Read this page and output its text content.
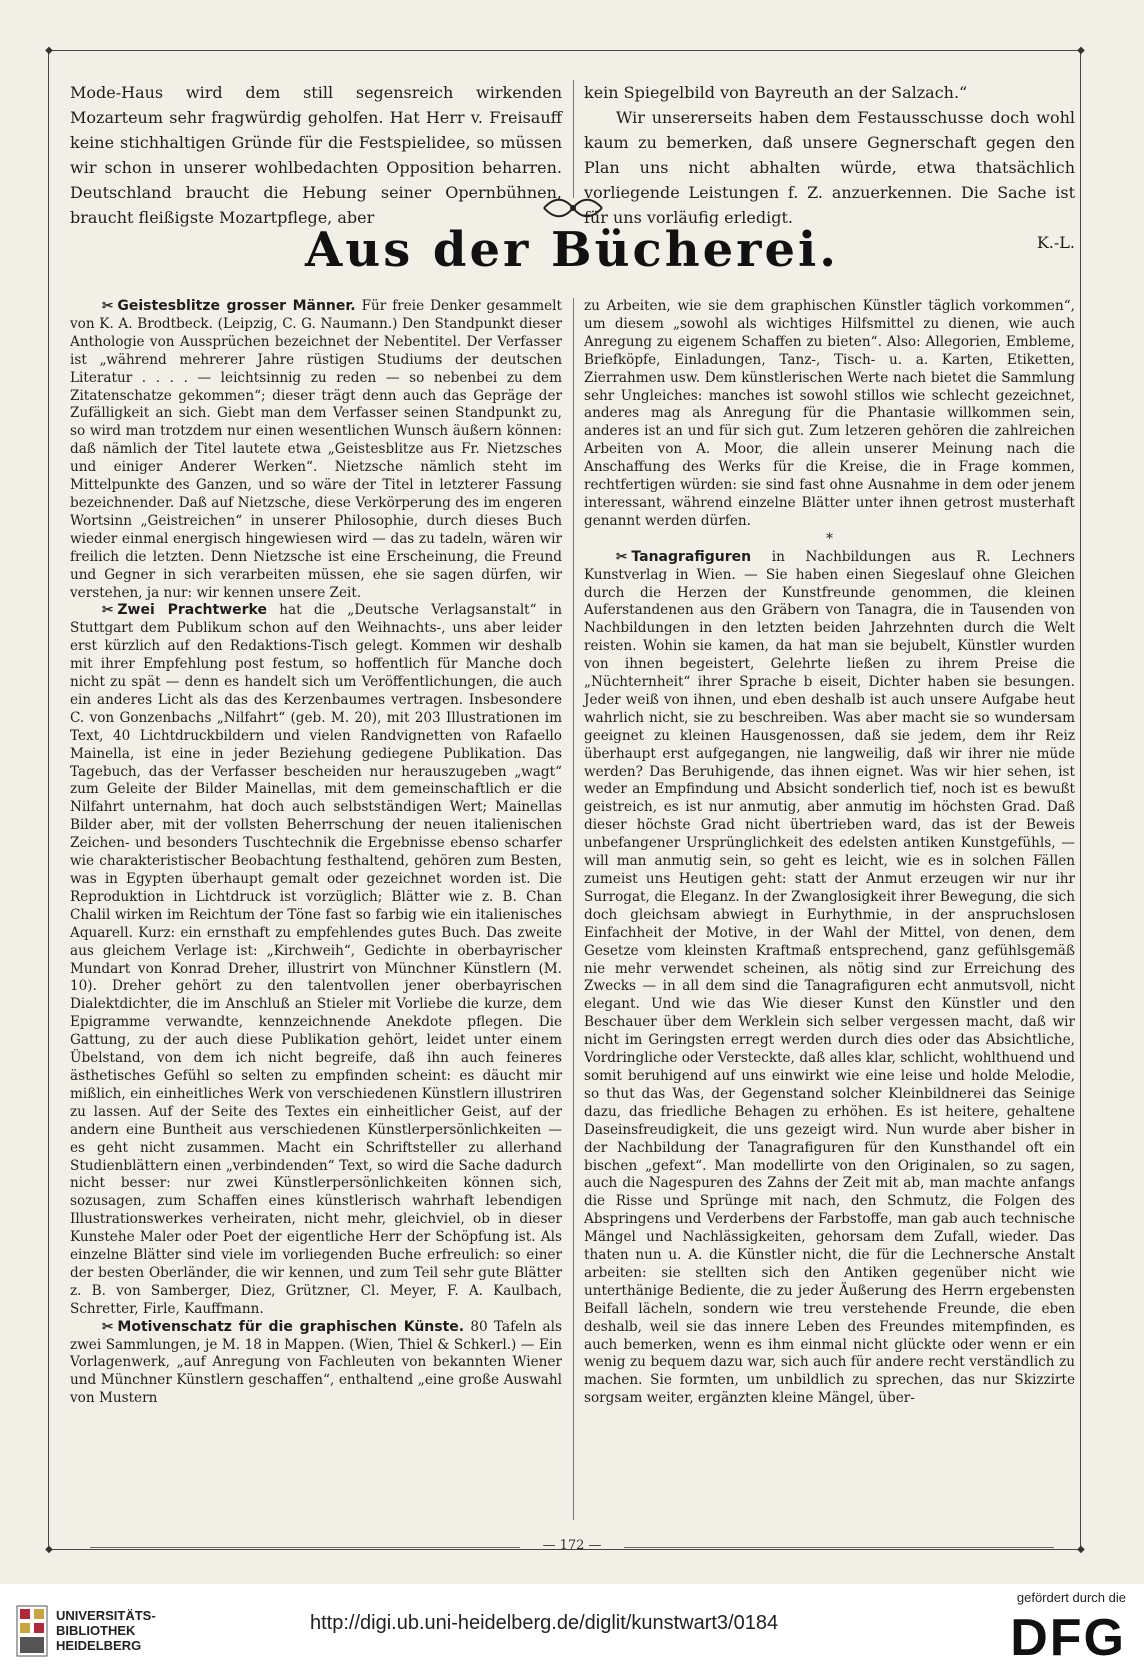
◆	◆
◆	◆

Mode-Haus wird dem still segensreich wirkenden Mozarteum sehr fragwürdig geholfen. Hat Herr v. Freisauff keine stichhaltigen Gründe für die Festspielidee, so müssen wir schon in unserer wohlbedachten Opposition beharren. Deutschland braucht die Hebung seiner Opernbühnen, braucht fleißigste Mozartpflege, aber

kein Spiegelbild von Bayreuth an der Salzach.“

Wir unsererseits haben dem Festausschusse doch wohl kaum zu bemerken, daß unsere Gegnerschaft gegen den Plan uns nicht abhalten würde, etwa thatsächlich vorliegende Leistungen f. Z. anzuerkennen. Die Sache ist für uns vorläufig erledigt.

K.-L.

Aus der Bücherei.

✂ Geistesblitze grosser Männer. Für freie Denker gesammelt von K. A. Brodtbeck. (Leipzig, C. G. Naumann.) Den Standpunkt dieser Anthologie von Aussprüchen bezeichnet der Nebentitel. Der Verfasser ist „während mehrerer Jahre rüstigen Studiums der deutschen Literatur . . . . — leichtsinnig zu reden — so nebenbei zu dem Zitatenschatze gekommen“; dieser trägt denn auch das Gepräge der Zufälligkeit an sich. Giebt man dem Verfasser seinen Standpunkt zu, so wird man trotzdem nur einen wesentlichen Wunsch äußern können: daß nämlich der Titel lautete etwa „Geistesblitze aus Fr. Nietzsches und einiger Anderer Werken“. Nietzsche nämlich steht im Mittelpunkte des Ganzen, und so wäre der Titel in letzterer Fassung bezeichnender. Daß auf Nietzsche, diese Verkörperung des im engeren Wortsinn „Geistreichen“ in unserer Philosophie, durch dieses Buch wieder einmal energisch hingewiesen wird — das zu tadeln, wären wir freilich die letzten. Denn Nietzsche ist eine Erscheinung, die Freund und Gegner in sich verarbeiten müssen, ehe sie sagen dürfen, wir verstehen, ja nur: wir kennen unsere Zeit.

✂ Zwei Prachtwerke hat die „Deutsche Verlagsanstalt“ in Stuttgart dem Publikum schon auf den Weihnachts-, uns aber leider erst kürzlich auf den Redaktions-Tisch gelegt. Kommen wir deshalb mit ihrer Empfehlung post festum, so hoffentlich für Manche doch nicht zu spät — denn es handelt sich um Veröffentlichungen, die auch ein anderes Licht als das des Kerzenbaumes vertragen. Insbesondere C. von Gonzenbachs „Nilfahrt“ (geb. M. 20), mit 203 Illustrationen im Text, 40 Lichtdruckbildern und vielen Randvignetten von Rafaello Mainella, ist eine in jeder Beziehung gediegene Publikation. Das Tagebuch, das der Verfasser bescheiden nur herauszugeben „wagt“ zum Geleite der Bilder Mainellas, mit dem gemeinschaftlich er die Nilfahrt unternahm, hat doch auch selbstständigen Wert; Mainellas Bilder aber, mit der vollsten Beherrschung der neuen italienischen Zeichen- und besonders Tuschtechnik die Ergebnisse ebenso scharfer wie charakteristischer Beobachtung festhaltend, gehören zum Besten, was in Egypten überhaupt gemalt oder gezeichnet worden ist. Die Reproduktion in Lichtdruck ist vorzüglich; Blätter wie z. B. Chan Chalil wirken im Reichtum der Töne fast so farbig wie ein italienisches Aquarell. Kurz: ein ernsthaft zu empfehlendes gutes Buch. Das zweite aus gleichem Verlage ist: „Kirchweih“, Gedichte in oberbayrischer Mundart von Konrad Dreher, illustrirt von Münchner Künstlern (M. 10). Dreher gehört zu den talentvollen jener oberbayrischen Dialektdichter, die im Anschluß an Stieler mit Vorliebe die kurze, dem Epigramme verwandte, kennzeichnende Anekdote pflegen. Die Gattung, zu der auch diese Publikation gehört, leidet unter einem Übelstand, von dem ich nicht begreife, daß ihn auch feineres ästhetisches Gefühl so selten zu empfinden scheint: es däucht mir mißlich, ein einheitliches Werk von verschiedenen Künstlern illustriren zu lassen. Auf der Seite des Textes ein einheitlicher Geist, auf der andern eine Buntheit aus verschiedenen Künstlerpersönlichkeiten — es geht nicht zusammen. Macht ein Schriftsteller zu allerhand Studienblättern einen „verbindenden“ Text, so wird die Sache dadurch nicht besser: nur zwei Künstlerpersönlichkeiten können sich, sozusagen, zum Schaffen eines künstlerisch wahrhaft lebendigen Illustrationswerkes verheiraten, nicht mehr, gleichviel, ob in dieser Kunstehe Maler oder Poet der eigentliche Herr der Schöpfung ist. Als einzelne Blätter sind viele im vorliegenden Buche erfreulich: so einer der besten Oberländer, die wir kennen, und zum Teil sehr gute Blätter z. B. von Samberger, Diez, Grützner, Cl. Meyer, F. A. Kaulbach, Schretter, Firle, Kauffmann.

✂ Motivenschatz für die graphischen Künste. 80 Tafeln als zwei Sammlungen, je M. 18 in Mappen. (Wien, Thiel & Schkerl.) — Ein Vorlagenwerk, „auf Anregung von Fachleuten von bekannten Wiener und Münchner Künstlern geschaffen“, enthaltend „eine große Auswahl von Mustern

zu Arbeiten, wie sie dem graphischen Künstler täglich vorkommen“, um diesem „sowohl als wichtiges Hilfsmittel zu dienen, wie auch Anregung zu eigenem Schaffen zu bieten“. Also: Allegorien, Embleme, Briefköpfe, Einladungen, Tanz-, Tisch- u. a. Karten, Etiketten, Zierrahmen usw. Dem künstlerischen Werte nach bietet die Sammlung sehr Ungleiches: manches ist sowohl stillos wie schlecht gezeichnet, anderes mag als Anregung für die Phantasie willkommen sein, anderes ist an und für sich gut. Zum letzeren gehören die zahlreichen Arbeiten von A. Moor, die allein unserer Meinung nach die Anschaffung des Werks für die Kreise, die in Frage kommen, rechtfertigen würden: sie sind fast ohne Ausnahme in dem oder jenem interessant, während einzelne Blätter unter ihnen getrost musterhaft genannt werden dürfen.

*

✂ Tanagrafiguren in Nachbildungen aus R. Lechners Kunstverlag in Wien. — Sie haben einen Siegeslauf ohne Gleichen durch die Herzen der Kunstfreunde genommen, die kleinen Auferstandenen aus den Gräbern von Tanagra, die in Tausenden von Nachbildungen in den letzten beiden Jahrzehnten durch die Welt reisten. Wohin sie kamen, da hat man sie bejubelt, Künstler wurden von ihnen begeistert, Gelehrte ließen zu ihrem Preise die „Nüchternheit“ ihrer Sprache b eiseit, Dichter haben sie besungen. Jeder weiß von ihnen, und eben deshalb ist auch unsere Aufgabe heut wahrlich nicht, sie zu beschreiben. Was aber macht sie so wundersam geeignet zu kleinen Hausgenossen, daß sie jedem, dem ihr Reiz überhaupt erst aufgegangen, nie langweilig, daß wir ihrer nie müde werden? Das Beruhigende, das ihnen eignet. Was wir hier sehen, ist weder an Empfindung und Absicht sonderlich tief, noch ist es bewußt geistreich, es ist nur anmutig, aber anmutig im höchsten Grad. Daß dieser höchste Grad nicht übertrieben ward, das ist der Beweis unbefangener Ursprünglichkeit des edelsten antiken Kunstgefühls, — will man anmutig sein, so geht es leicht, wie es in solchen Fällen zumeist uns Heutigen geht: statt der Anmut erzeugen wir nur ihr Surrogat, die Eleganz. In der Zwanglosigkeit ihrer Bewegung, die sich doch gleichsam abwiegt in Eurhythmie, in der anspruchslosen Einfachheit der Motive, in der Wahl der Mittel, von denen, dem Gesetze vom kleinsten Kraftmaß entsprechend, ganz gefühlsgemäß nie mehr verwendet scheinen, als nötig sind zur Erreichung des Zwecks — in all dem sind die Tanagrafiguren echt anmutsvoll, nicht elegant. Und wie das Wie dieser Kunst den Künstler und den Beschauer über dem Werklein sich selber vergessen macht, daß wir nicht im Geringsten erregt werden durch dies oder das Absichtliche, Vordringliche oder Versteckte, daß alles klar, schlicht, wohlthuend und somit beruhigend auf uns einwirkt wie eine leise und holde Melodie, so thut das Was, der Gegenstand solcher Kleinbildnerei das Seinige dazu, das friedliche Behagen zu erhöhen. Es ist heitere, gehaltene Daseinsfreudigkeit, die uns gezeigt wird. Nun wurde aber bisher in der Nachbildung der Tanagrafiguren für den Kunsthandel oft ein bischen „gefext“. Man modellirte von den Originalen, so zu sagen, auch die Nagespuren des Zahns der Zeit mit ab, man machte anfangs die Risse und Sprünge mit nach, den Schmutz, die Folgen des Abspringens und Verderbens der Farbstoffe, man gab auch technische Mängel und Nachlässigkeiten, gehorsam dem Zufall, wieder. Das thaten nun u. A. die Künstler nicht, die für die Lechnersche Anstalt arbeiten: sie stellten sich den Antiken gegenüber nicht wie unterthänige Bediente, die zu jeder Äußerung des Herrn ergebensten Beifall lächeln, sondern wie treu verstehende Freunde, die eben deshalb, weil sie das innere Leben des Freundes mitempfinden, es auch bemerken, wenn es ihm einmal nicht glückte oder wenn er ein wenig zu bequem dazu war, sich auch für andere recht verständlich zu machen. Sie formten, um unbildlich zu sprechen, das nur Skizzirte sorgsam weiter, ergänzten kleine Mängel, über-

— 172 —
UNIVERSITÄTS-
BIBLIOTHEK
HEIDELBERG
http://digi.ub.uni-heidelberg.de/diglit/kunstwart3/0184
gefördert durch die
DFG
